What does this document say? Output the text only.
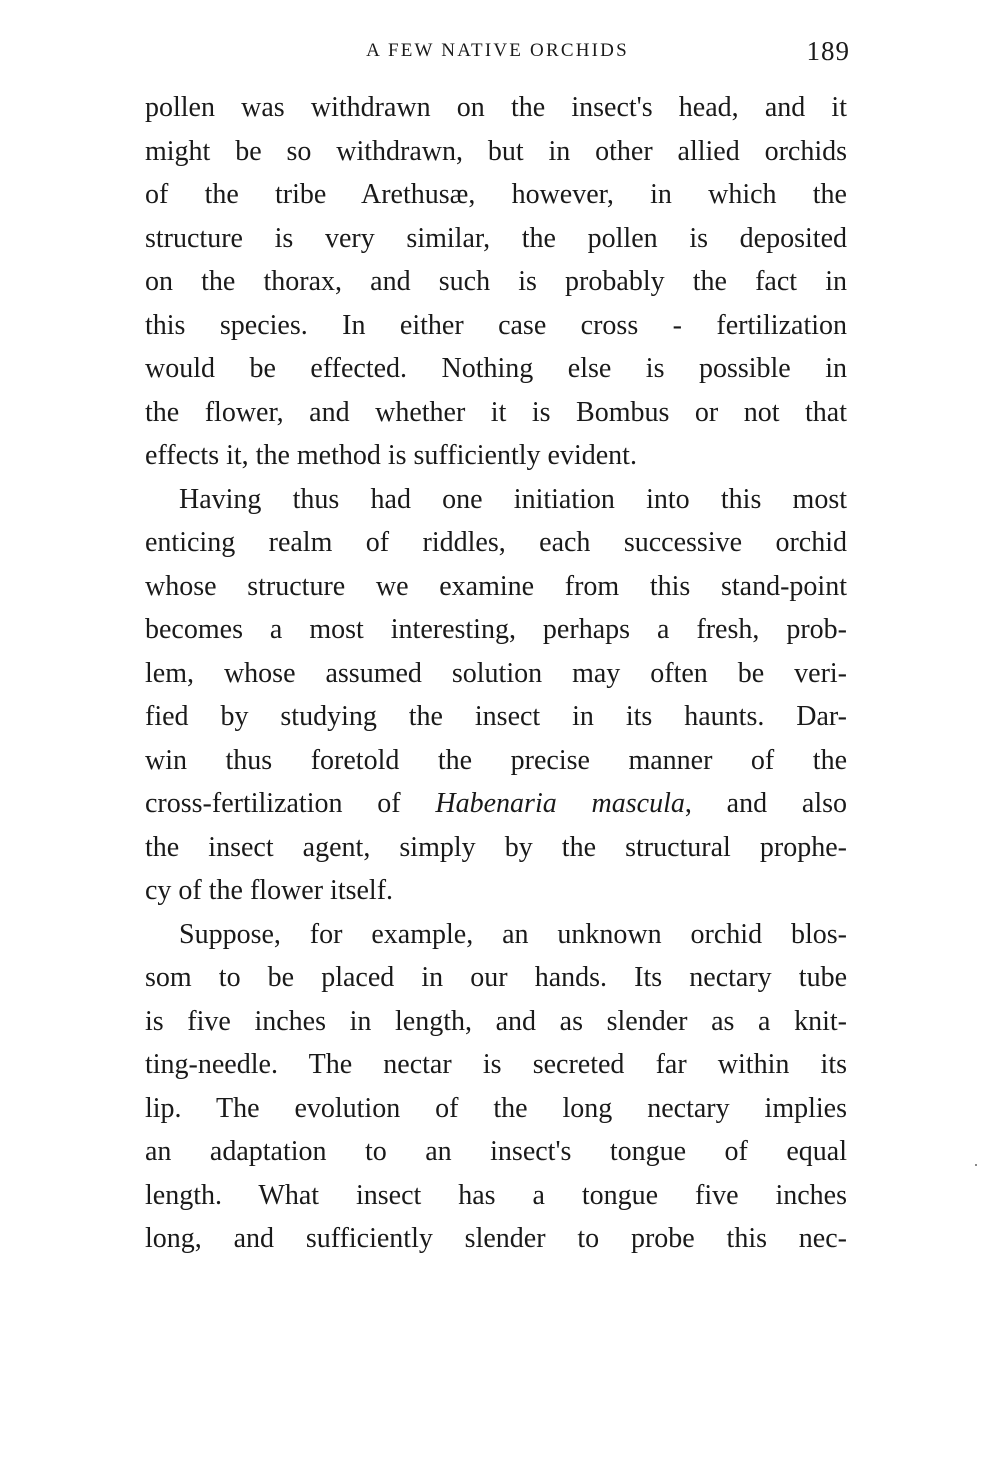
A FEW NATIVE ORCHIDS	189
pollen was withdrawn on the insect's head, and it
might be so withdrawn, but in other allied orchids
of the tribe Arethusæ, however, in which the
structure is very similar, the pollen is deposited
on the thorax, and such is probably the fact in
this species. In either case cross - fertilization
would be effected. Nothing else is possible in
the flower, and whether it is Bombus or not that
effects it, the method is sufficiently evident.
Having thus had one initiation into this most
enticing realm of riddles, each successive orchid
whose structure we examine from this stand-point
becomes a most interesting, perhaps a fresh, prob-
lem, whose assumed solution may often be veri-
fied by studying the insect in its haunts. Dar-
win thus foretold the precise manner of the
cross-fertilization of Habenaria mascula, and also
the insect agent, simply by the structural prophe-
cy of the flower itself.
Suppose, for example, an unknown orchid blos-
som to be placed in our hands. Its nectary tube
is five inches in length, and as slender as a knit-
ting-needle. The nectar is secreted far within its
lip. The evolution of the long nectary implies
an adaptation to an insect's tongue of equal
length. What insect has a tongue five inches
long, and sufficiently slender to probe this nec-
